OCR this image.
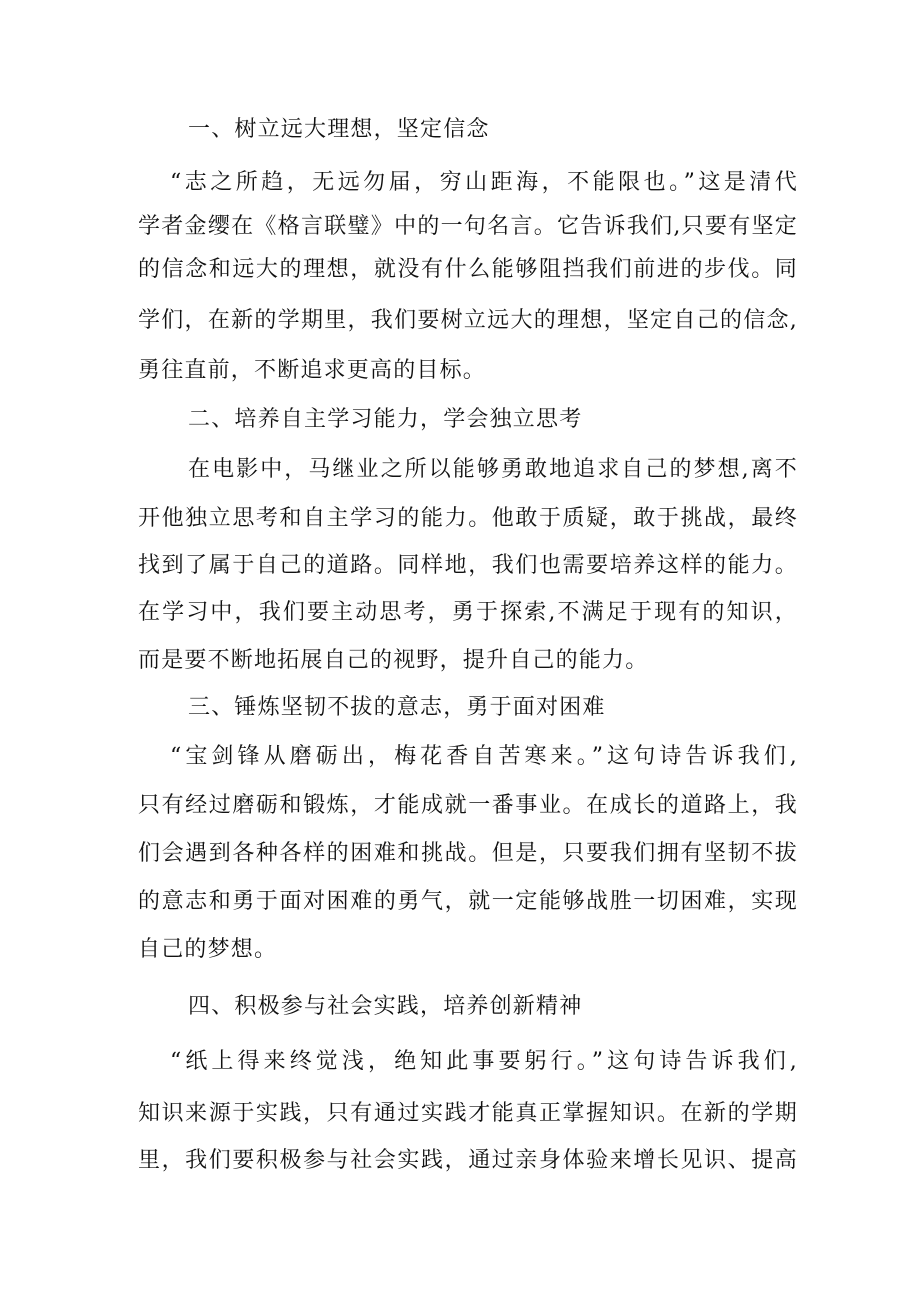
一、树立远大理想，坚定信念
“志之所趋，无远勿届，穷山距海，不能限也。”这是清代
学者金缨在《格言联璧》中的一句名言。它告诉我们,只要有坚定
的信念和远大的理想，就没有什么能够阻挡我们前进的步伐。同
学们，在新的学期里，我们要树立远大的理想，坚定自己的信念,
勇往直前，不断追求更高的目标。
二、培养自主学习能力，学会独立思考
在电影中，马继业之所以能够勇敢地追求自己的梦想,离不
开他独立思考和自主学习的能力。他敢于质疑，敢于挑战，最终
找到了属于自己的道路。同样地，我们也需要培养这样的能力。
在学习中，我们要主动思考，勇于探索,不满足于现有的知识，
而是要不断地拓展自己的视野，提升自己的能力。
三、锤炼坚韧不拔的意志，勇于面对困难
“宝剑锋从磨砺出，梅花香自苦寒来。”这句诗告诉我们,
只有经过磨砺和锻炼，才能成就一番事业。在成长的道路上，我
们会遇到各种各样的困难和挑战。但是，只要我们拥有坚韧不拔
的意志和勇于面对困难的勇气，就一定能够战胜一切困难，实现
自己的梦想。
四、积极参与社会实践，培养创新精神
“纸上得来终觉浅，绝知此事要躬行。”这句诗告诉我们,
知识来源于实践，只有通过实践才能真正掌握知识。在新的学期
里，我们要积极参与社会实践，通过亲身体验来增长见识、提高
